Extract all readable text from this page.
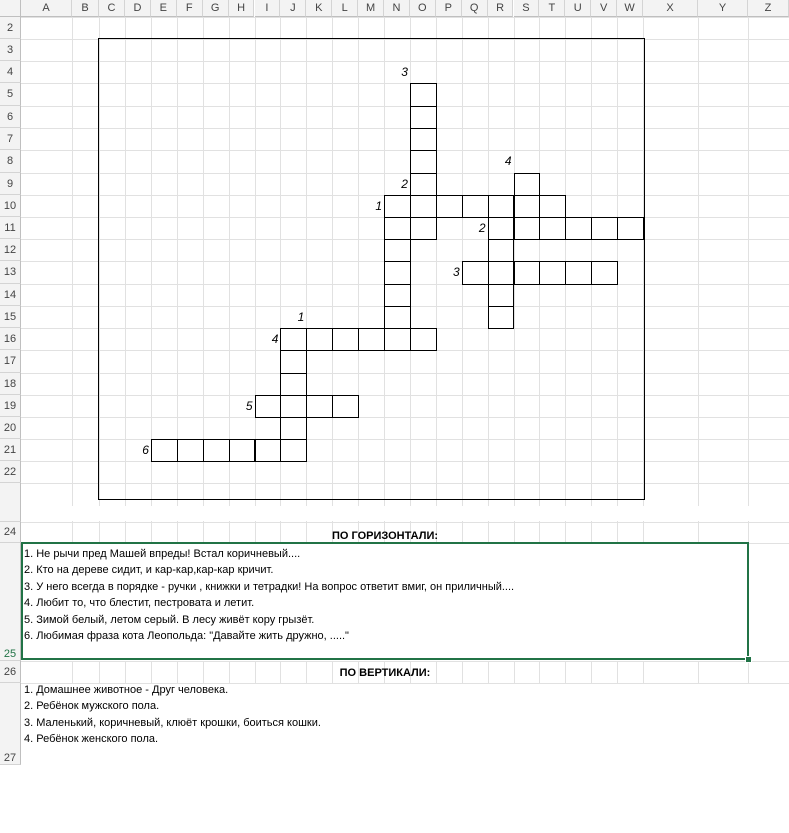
A	B	C	D	E	F	G	H	I	J	K	L	M	N	O	P	Q	R	S	T	U	V	W	X	Y	Z
2
3
4
5
6
7
8
9
10
11
12
13
14
15
16
17
18
19
20
21
22
24
25
26
27
3
4
2
1
2
3
1
4
5
6
ПО ГОРИЗОНТАЛИ:
ПО ВЕРТИКАЛИ:
1. Не рычи пред Машей впреды! Встал коричневый....
2. Кто на дереве сидит, и кар-кар,кар-кар кричит.
3. У него всегда в порядке - ручки , книжки и тетрадки! На вопрос ответит вмиг, он приличный....
4. Любит то, что блестит, пестровата и летит.
5. Зимой белый, летом серый. В лесу живёт кору грызёт.
6. Любимая фраза кота Леопольда: "Давайте жить дружно, ....."
1. Домашнее животное - Друг человека.
2. Ребёнок мужского пола.
3. Маленький, коричневый, клюёт крошки, боиться кошки.
4. Ребёнок женского пола.
